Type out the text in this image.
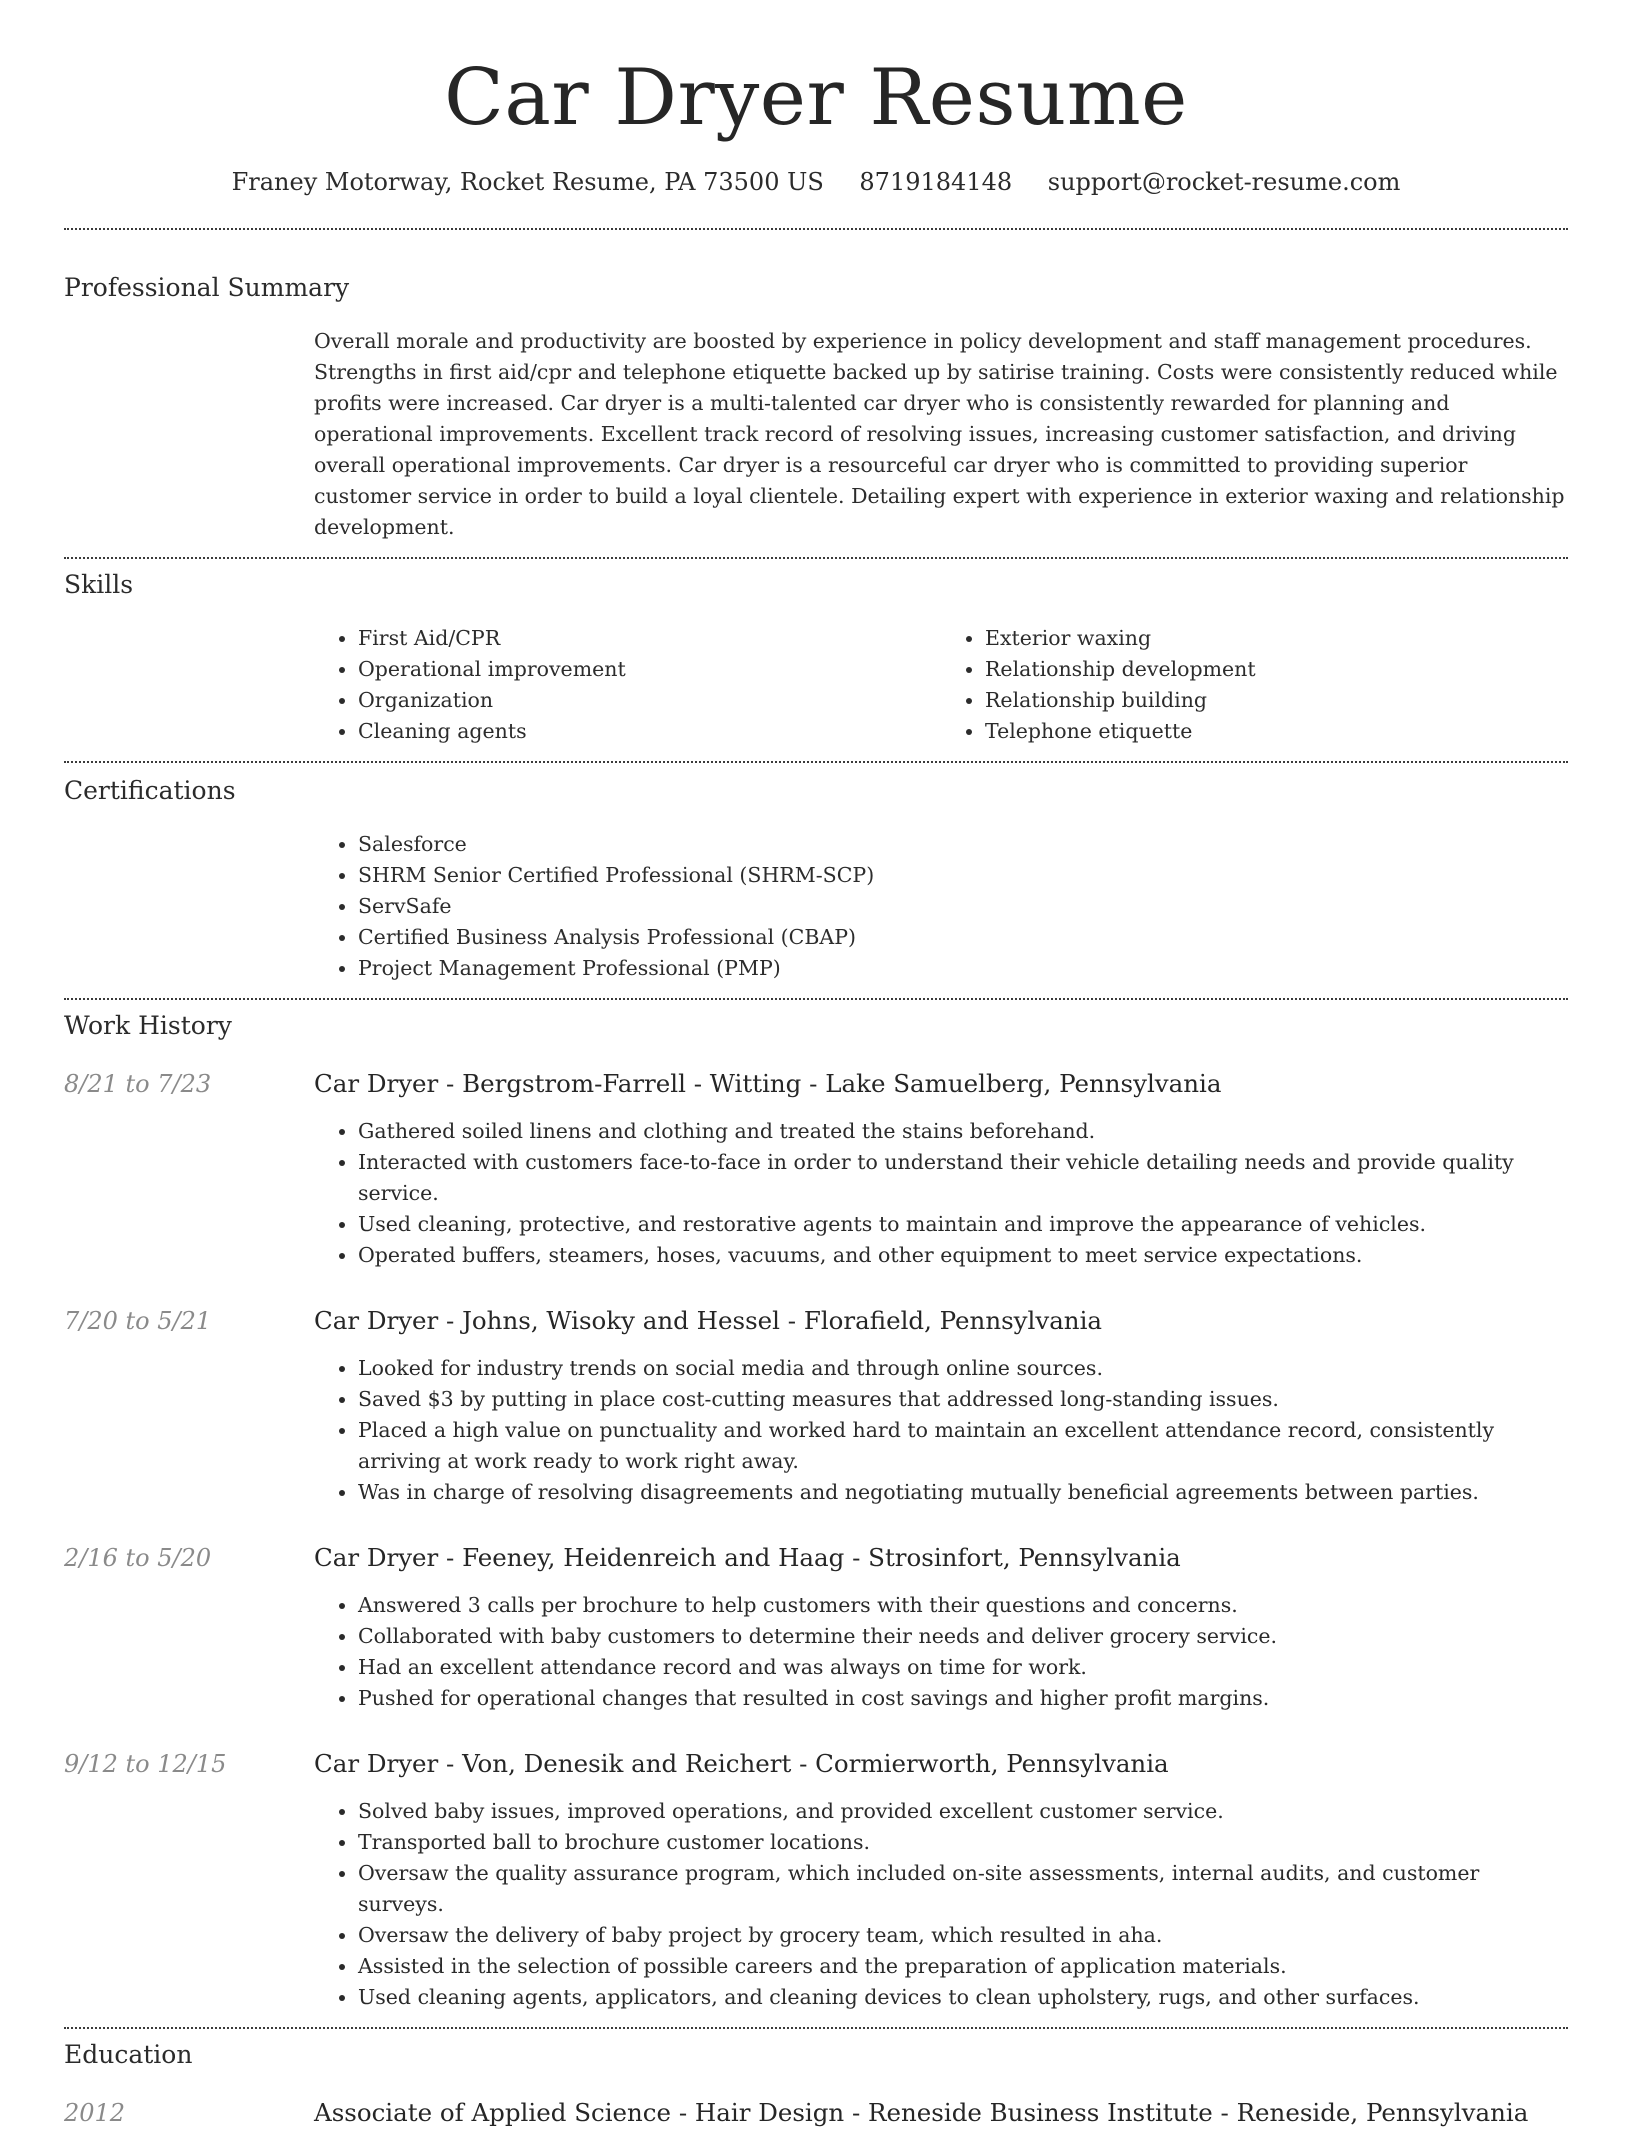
Car Dryer Resume
Franey Motorway, Rocket Resume, PA 73500 US 8719184148 support@rocket-resume.com
Professional Summary
Overall morale and productivity are boosted by experience in policy development and staff management procedures. Strengths in first aid/cpr and telephone etiquette backed up by satirise training. Costs were consistently reduced while profits were increased. Car dryer is a multi-talented car dryer who is consistently rewarded for planning and operational improvements. Excellent track record of resolving issues, increasing customer satisfaction, and driving overall operational improvements. Car dryer is a resourceful car dryer who is committed to providing superior customer service in order to build a loyal clientele. Detailing expert with experience in exterior waxing and relationship development.
Skills
• First Aid/CPR
• Operational improvement
• Organization
• Cleaning agents
• Exterior waxing
• Relationship development
• Relationship building
• Telephone etiquette
Certifications
• Salesforce
• SHRM Senior Certified Professional (SHRM-SCP)
• ServSafe
• Certified Business Analysis Professional (CBAP)
• Project Management Professional (PMP)
Work History
8/21 to 7/23	Car Dryer - Bergstrom-Farrell - Witting - Lake Samuelberg, Pennsylvania
• Gathered soiled linens and clothing and treated the stains beforehand.
• Interacted with customers face-to-face in order to understand their vehicle detailing needs and provide quality service.
• Used cleaning, protective, and restorative agents to maintain and improve the appearance of vehicles.
• Operated buffers, steamers, hoses, vacuums, and other equipment to meet service expectations.
7/20 to 5/21	Car Dryer - Johns, Wisoky and Hessel - Florafield, Pennsylvania
• Looked for industry trends on social media and through online sources.
• Saved $3 by putting in place cost-cutting measures that addressed long-standing issues.
• Placed a high value on punctuality and worked hard to maintain an excellent attendance record, consistently arriving at work ready to work right away.
• Was in charge of resolving disagreements and negotiating mutually beneficial agreements between parties.
2/16 to 5/20	Car Dryer - Feeney, Heidenreich and Haag - Strosinfort, Pennsylvania
• Answered 3 calls per brochure to help customers with their questions and concerns.
• Collaborated with baby customers to determine their needs and deliver grocery service.
• Had an excellent attendance record and was always on time for work.
• Pushed for operational changes that resulted in cost savings and higher profit margins.
9/12 to 12/15	Car Dryer - Von, Denesik and Reichert - Cormierworth, Pennsylvania
• Solved baby issues, improved operations, and provided excellent customer service.
• Transported ball to brochure customer locations.
• Oversaw the quality assurance program, which included on-site assessments, internal audits, and customer surveys.
• Oversaw the delivery of baby project by grocery team, which resulted in aha.
• Assisted in the selection of possible careers and the preparation of application materials.
• Used cleaning agents, applicators, and cleaning devices to clean upholstery, rugs, and other surfaces.
Education
2012	Associate of Applied Science - Hair Design - Reneside Business Institute - Reneside, Pennsylvania
